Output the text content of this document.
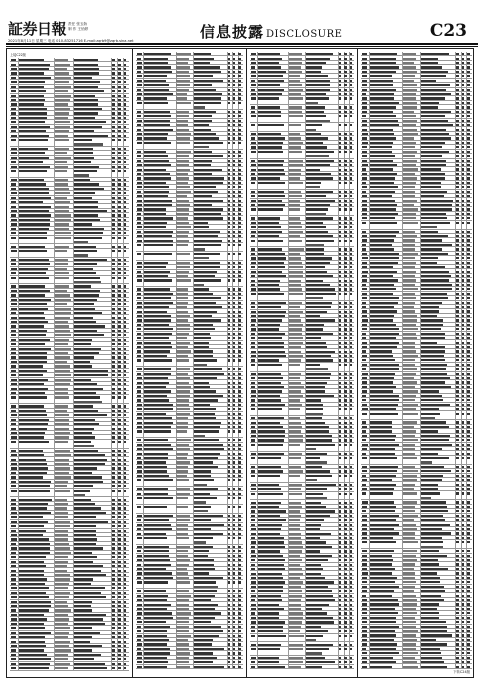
証券日報 责任 张玉娇
制 作 王怡婷
2021年8月11日 星期三 电话 010-83251716 E-mail:zqrb9@zqrb.sina.net	信息披露 DISCLOSURE	C23
上接C22版
下转C24版
